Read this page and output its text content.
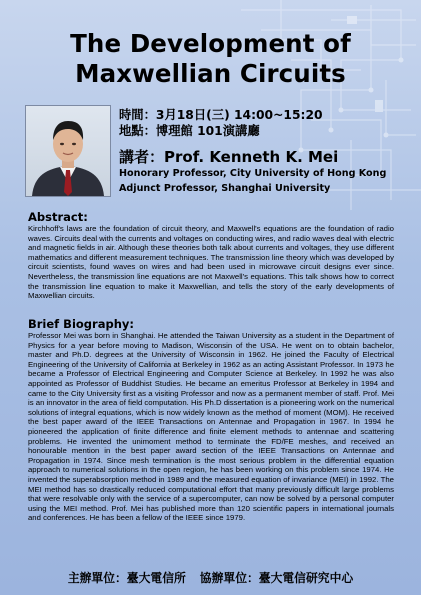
The Development of
Maxwellian Circuits
時間：3月18日(三) 14:00~15:20
地點：博理館 101演講廳
講者：Prof. Kenneth K. Mei
Honorary Professor, City University of Hong Kong
Adjunct Professor, Shanghai University
Abstract:
Kirchhoff's laws are the foundation of circuit theory, and Maxwell's equations are the foundation of radio waves. Circuits deal with the currents and voltages on conducting wires, and radio waves deal with electric and magnetic fields in air. Although these theories both talk about currents and voltages, they use different mathematics and different measurement techniques. The transmission line theory which was developed by circuit scientists, found waves on wires and had been used in microwave circuit designs ever since. Nevertheless, the transmission line equations are not Maxwell's equations. This talk shows how to correct the transmission line equation to make it Maxwellian, and tells the story of the early developments of Maxwellian circuits.
Brief Biography:
Professor Mei was born in Shanghai. He attended the Taiwan University as a student in the Department of Physics for a year before moving to Madison, Wisconsin of the USA. He went on to obtain bachelor, master and Ph.D. degrees at the University of Wisconsin in 1962. He joined the Faculty of Electrical Engineering of the University of California at Berkeley in 1962 as an acting Assistant Professor. In 1973 he became a Professor of Electrical Engineering and Computer Science at Berkeley. In 1992 he was also appointed as Professor of Buddhist Studies. He became an emeritus Professor at Berkeley in 1994 and came to the City University first as a visiting Professor and now as a permanent member of staff. Prof. Mei is an innovator in the area of field computation. His Ph.D dissertation is a pioneering work on the numerical solutions of integral equations, which is now widely known as the method of moment (MOM). He received the best paper award of the IEEE Transactions on Antennae and Propagation in 1967. In 1994 he pioneered the application of finite difference and finite element methods to antennae and scattering problems. He invented the unimoment method to terminate the FD/FE meshes, and received an honourable mention in the best paper award section of the IEEE Transactions on Antennae and Propagation in 1974. Since mesh termination is the most serious problem in the differential equation approach to numerical solutions in the open region, he has been working on this problem since 1974. He invented the superabsorption method in 1989 and the measured equation of invariance (MEI) in 1992. The MEI method has so drastically reduced computational effort that many previously difficult large problems that were resolvable only with the service of a supercomputer, can now be solved by a personal computer using the MEI method. Prof. Mei has published more than 120 scientific papers in international journals and conferences. He has been a fellow of the IEEE since 1979.
主辦單位：臺大電信所 協辦單位：臺大電信研究中心
